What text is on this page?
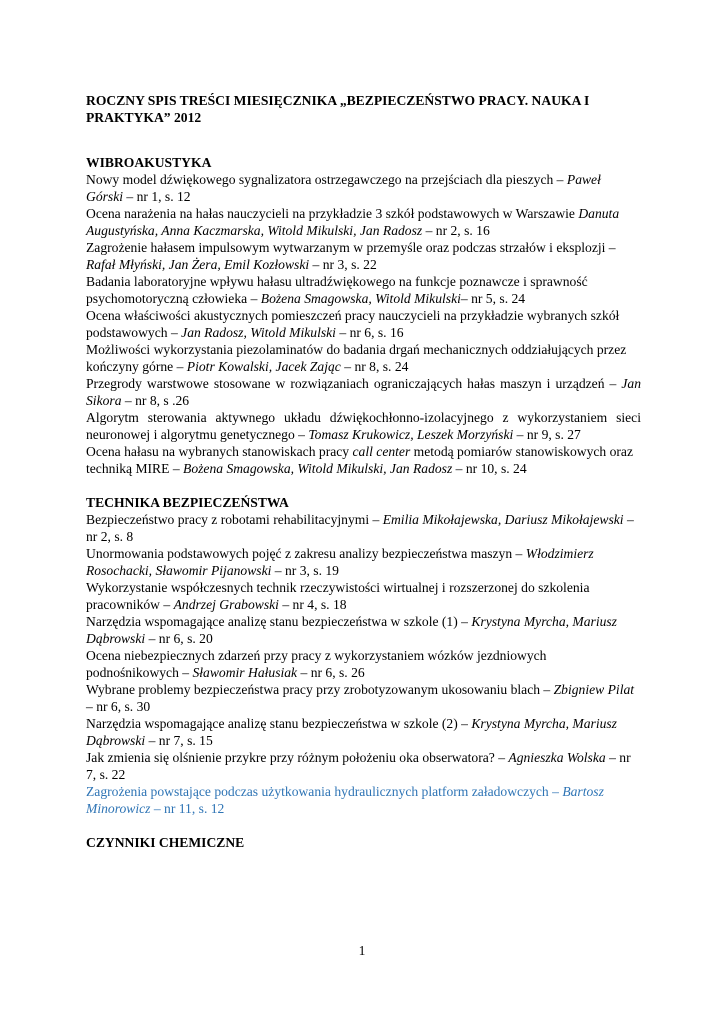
ROCZNY SPIS TREŚCI MIESIĘCZNIKA „BEZPIECZEŃSTWO PRACY. NAUKA I PRAKTYKA” 2012

WIBROAKUSTYKA

Nowy model dźwiękowego sygnalizatora ostrzegawczego na przejściach dla pieszych – Paweł Górski – nr 1, s. 12

Ocena narażenia na hałas nauczycieli na przykładzie 3 szkół podstawowych w Warszawie Danuta Augustyńska, Anna Kaczmarska, Witold Mikulski, Jan Radosz – nr 2, s. 16

Zagrożenie hałasem impulsowym wytwarzanym w przemyśle oraz podczas strzałów i eksplozji – Rafał Młyński, Jan Żera, Emil Kozłowski – nr 3, s. 22

Badania laboratoryjne wpływu hałasu ultradźwiękowego na funkcje poznawcze i sprawność psychomotoryczną człowieka – Bożena Smagowska, Witold Mikulski– nr 5, s. 24

Ocena właściwości akustycznych pomieszczeń pracy nauczycieli na przykładzie wybranych szkół podstawowych – Jan Radosz, Witold Mikulski – nr 6, s. 16

Możliwości wykorzystania piezolaminatów do badania drgań mechanicznych oddziałujących przez kończyny górne – Piotr Kowalski, Jacek Zając – nr 8, s. 24

Przegrody warstwowe stosowane w rozwiązaniach ograniczających hałas maszyn i urządzeń – Jan Sikora – nr 8, s .26

Algorytm sterowania aktywnego układu dźwiękochłonno-izolacyjnego z wykorzystaniem sieci neuronowej i algorytmu genetycznego – Tomasz Krukowicz, Leszek Morzyński – nr 9, s. 27

Ocena hałasu na wybranych stanowiskach pracy call center metodą pomiarów stanowiskowych oraz techniką MIRE – Bożena Smagowska, Witold Mikulski, Jan Radosz – nr 10, s. 24

TECHNIKA BEZPIECZEŃSTWA

Bezpieczeństwo pracy z robotami rehabilitacyjnymi – Emilia Mikołajewska, Dariusz Mikołajewski – nr 2, s. 8

Unormowania podstawowych pojęć z zakresu analizy bezpieczeństwa maszyn – Włodzimierz Rosochacki, Sławomir Pijanowski – nr 3, s. 19

Wykorzystanie współczesnych technik rzeczywistości wirtualnej i rozszerzonej do szkolenia pracowników – Andrzej Grabowski – nr 4, s. 18

Narzędzia wspomagające analizę stanu bezpieczeństwa w szkole (1) – Krystyna Myrcha, Mariusz Dąbrowski – nr 6, s. 20

Ocena niebezpiecznych zdarzeń przy pracy z wykorzystaniem wózków jezdniowych podnośnikowych – Sławomir Hałusiak – nr 6, s. 26

Wybrane problemy bezpieczeństwa pracy przy zrobotyzowanym ukosowaniu blach – Zbigniew Pilat – nr 6, s. 30

Narzędzia wspomagające analizę stanu bezpieczeństwa w szkole (2) – Krystyna Myrcha, Mariusz Dąbrowski – nr 7, s. 15

Jak zmienia się olśnienie przykre przy różnym położeniu oka obserwatora? – Agnieszka Wolska – nr 7, s. 22

Zagrożenia powstające podczas użytkowania hydraulicznych platform załadowczych – Bartosz Minorowicz – nr 11, s. 12

CZYNNIKI CHEMICZNE

1
